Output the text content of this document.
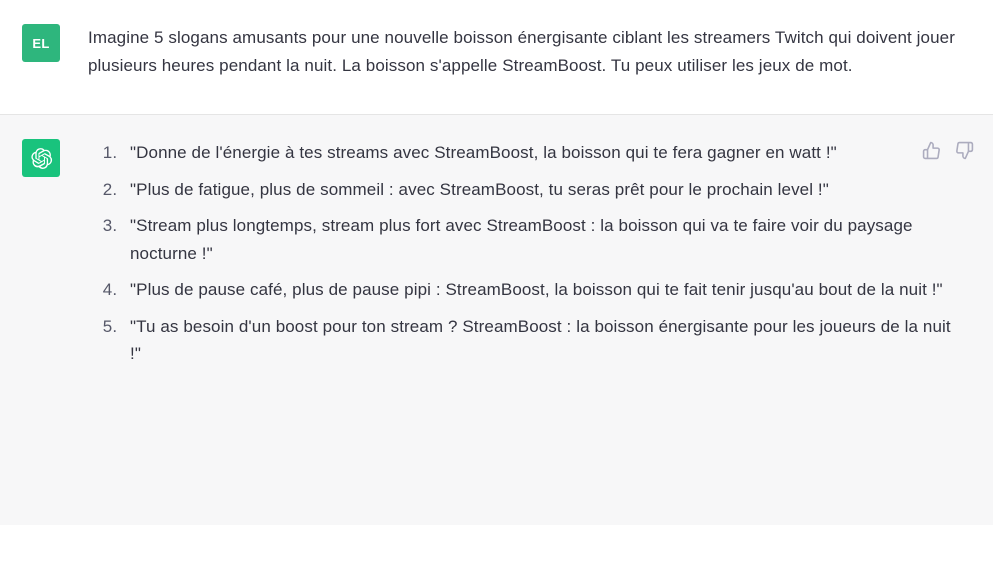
EL Imagine 5 slogans amusants pour une nouvelle boisson énergisante ciblant les streamers Twitch qui doivent jouer plusieurs heures pendant la nuit. La boisson s'appelle StreamBoost. Tu peux utiliser les jeux de mot.

1. "Donne de l'énergie à tes streams avec StreamBoost, la boisson qui te fera gagner en watt !"
2. "Plus de fatigue, plus de sommeil : avec StreamBoost, tu seras prêt pour le prochain level !"
3. "Stream plus longtemps, stream plus fort avec StreamBoost : la boisson qui va te faire voir du paysage nocturne !"
4. "Plus de pause café, plus de pause pipi : StreamBoost, la boisson qui te fait tenir jusqu'au bout de la nuit !"
5. "Tu as besoin d'un boost pour ton stream ? StreamBoost : la boisson énergisante pour les joueurs de la nuit !"
